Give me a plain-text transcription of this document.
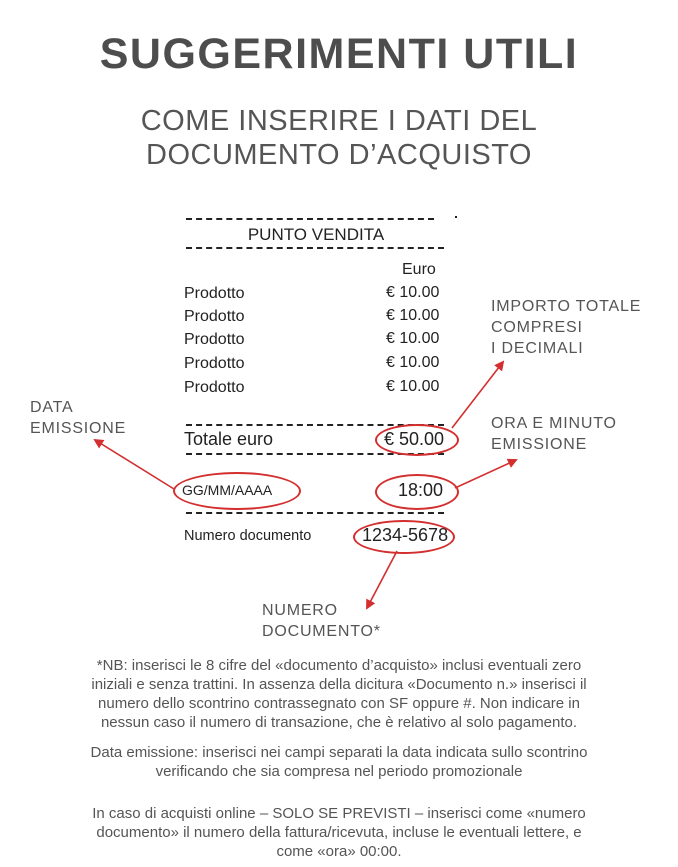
SUGGERIMENTI UTILI
COME INSERIRE I DATI DEL
DOCUMENTO D’ACQUISTO
PUNTO VENDITA
Euro
Prodotto	€ 10.00
Prodotto	€ 10.00
Prodotto	€ 10.00
Prodotto	€ 10.00
Prodotto	€ 10.00
Totale euro	€ 50.00
GG/MM/AAAA	18:00
Numero documento	1234-5678
IMPORTO TOTALE
COMPRESI
I DECIMALI
DATA
EMISSIONE	ORA E MINUTO
EMISSIONE
NUMERO
DOCUMENTO*
*NB: inserisci le 8 cifre del «documento d’acquisto» inclusi eventuali zero
iniziali e senza trattini. In assenza della dicitura «Documento n.» inserisci il
numero dello scontrino contrassegnato con SF oppure #. Non indicare in
nessun caso il numero di transazione, che è relativo al solo pagamento.
Data emissione: inserisci nei campi separati la data indicata sullo scontrino
verificando che sia compresa nel periodo promozionale
In caso di acquisti online – SOLO SE PREVISTI – inserisci come «numero
documento» il numero della fattura/ricevuta, incluse le eventuali lettere, e
come «ora» 00:00.
